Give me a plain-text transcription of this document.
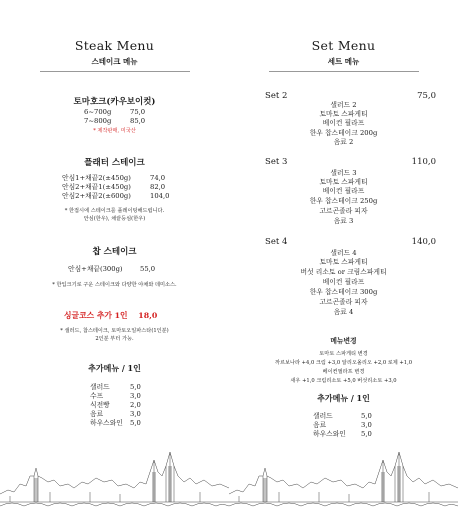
Steak Menu
스테이크 메뉴
토마호크(카우보이컷)
6~700g	75,0
7~800g	85,0
* 제작판매, 미국산
플래터 스테이크
안심1+채끝2(±450g)	74,0
안심2+채끝1(±450g)	82,0
안심2+채끝2(±600g)	104,0
* 한접시에 스테이크를 플레이팅해드립니다.
안심(한우), 채끝등심(한우)
찹 스테이크
안심+채끝(300g)	55,0
* 한입크기로 구운 스테이크와 다양한 야채와 데미소스.
싱글코스 추가 1인 18,0
* 샐러드, 찹스테이크, 토마토오일파스타(1인분)
2인분 부터 가능.
추가메뉴 / 1인
샐러드	5,0
수프	3,0
식전빵	2,0
음료	3,0
하우스와인 5,0
Set Menu
세트 메뉴
Set 2	75,0
샐러드 2
토마토 스파게티
베이컨 필라프
한우 찹스테이크 200g
음료 2
Set 3	110,0
샐러드 3
토마토 스파게티
베이컨 필라프
한우 찹스테이크 250g
고르곤졸라 피자
음료 3
Set 4	140,0
샐러드 4
토마토 스파게티
버섯 리소토 or 크림스파게티
베이컨 필라프
한우 찹스테이크 300g
고르곤졸라 피자
음료 4
메뉴변경
토마토 스파게티 변경
까르보나라 +4,0 크림 +3,0 알리오올리오 +2,0 로제 +1,0
베이컨필라프 변경
새우 +1,0 크림리소토 +5,0 버섯리소토 +3,0
추가메뉴 / 1인
샐러드	5,0
음료	3,0
하우스와인 5,0
